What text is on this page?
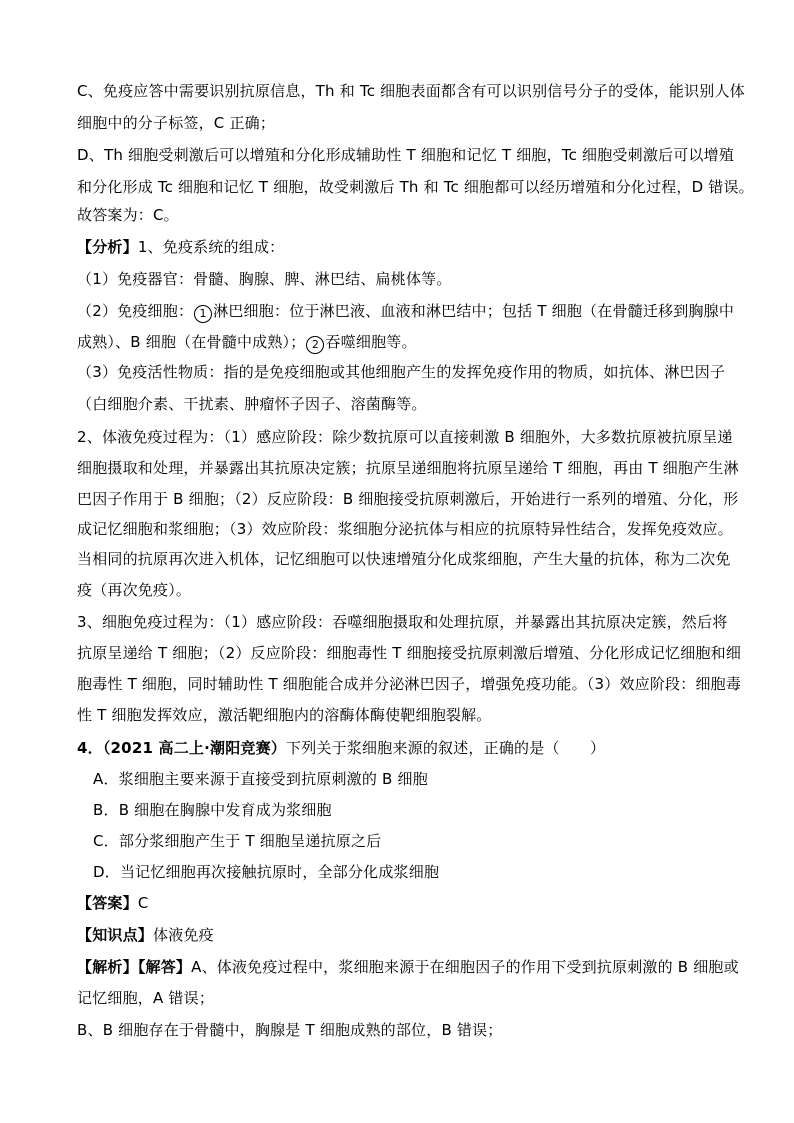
C、免疫应答中需要识别抗原信息，Th 和 Tc 细胞表面都含有可以识别信号分子的受体，能识别人体
细胞中的分子标签，C 正确；
D、Th 细胞受刺激后可以增殖和分化形成辅助性 T 细胞和记忆 T 细胞，Tc 细胞受刺激后可以增殖
和分化形成 Tc 细胞和记忆 T 细胞，故受刺激后 Th 和 Tc 细胞都可以经历增殖和分化过程，D 错误。
故答案为：C。
【分析】1、免疫系统的组成：
（1）免疫器官：骨髓、胸腺、脾、淋巴结、扁桃体等。
（2）免疫细胞： 1 淋巴细胞：位于淋巴液、血液和淋巴结中；包括 T 细胞（在骨髓迁移到胸腺中
成熟）、B 细胞（在骨髓中成熟）； 2 吞噬细胞等。
（3）免疫活性物质：指的是免疫细胞或其他细胞产生的发挥免疫作用的物质，如抗体、淋巴因子
（白细胞介素、干扰素、肿瘤怀子因子、溶菌酶等。
2、体液免疫过程为：（1）感应阶段：除少数抗原可以直接刺激 B 细胞外，大多数抗原被抗原呈递
细胞摄取和处理，并暴露出其抗原决定簇；抗原呈递细胞将抗原呈递给 T 细胞，再由 T 细胞产生淋
巴因子作用于 B 细胞；（2）反应阶段：B 细胞接受抗原刺激后，开始进行一系列的增殖、分化，形
成记忆细胞和浆细胞；（3）效应阶段：浆细胞分泌抗体与相应的抗原特异性结合，发挥免疫效应。
当相同的抗原再次进入机体，记忆细胞可以快速增殖分化成浆细胞，产生大量的抗体，称为二次免
疫（再次免疫）。
3、细胞免疫过程为：（1）感应阶段：吞噬细胞摄取和处理抗原，并暴露出其抗原决定簇，然后将
抗原呈递给 T 细胞；（2）反应阶段：细胞毒性 T 细胞接受抗原刺激后增殖、分化形成记忆细胞和细
胞毒性 T 细胞，同时辅助性 T 细胞能合成并分泌淋巴因子，增强免疫功能。（3）效应阶段：细胞毒
性 T 细胞发挥效应，激活靶细胞内的溶酶体酶使靶细胞裂解。
4．（2021 高二上·潮阳竞赛）下列关于浆细胞来源的叙述，正确的是（　　）
A．浆细胞主要来源于直接受到抗原刺激的 B 细胞
B．B 细胞在胸腺中发育成为浆细胞
C．部分浆细胞产生于 T 细胞呈递抗原之后
D．当记忆细胞再次接触抗原时，全部分化成浆细胞
【答案】C
【知识点】体液免疫
【解析】【解答】A、体液免疫过程中，浆细胞来源于在细胞因子的作用下受到抗原刺激的 B 细胞或
记忆细胞，A 错误；
B、B 细胞存在于骨髓中，胸腺是 T 细胞成熟的部位，B 错误；
